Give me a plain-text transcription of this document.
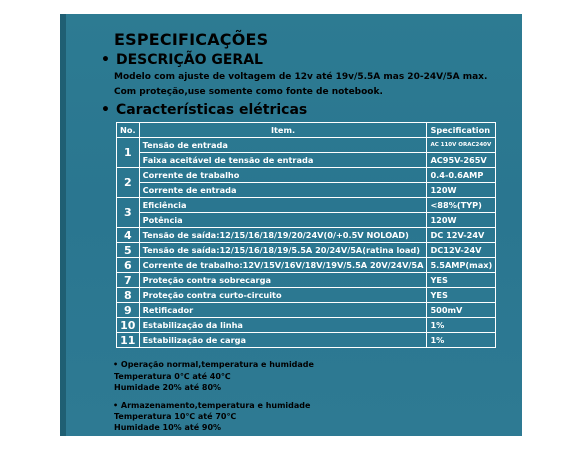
ESPECIFICAÇÕES
• DESCRIÇÃO GERAL
Modelo com ajuste de voltagem de 12v até 19v/5.5A mas 20-24V/5A max.
Com proteção,use somente como fonte de notebook.
• Características elétricas
No.	Item.	Specification
1	Tensão de entrada	AC 110V ORAC240V
	Faixa aceitável de tensão de entrada	AC95V-265V
2	Corrente de trabalho	0.4-0.6AMP
	Corrente de entrada	120W
3	Eficiência	<88%(TYP)
	Potência	120W
4	Tensão de saída:12/15/16/18/19/20/24V(0/+0.5V NOLOAD)	DC 12V-24V
5	Tensão de saída:12/15/16/18/19/5.5A 20/24V/5A(ratina load)	DC12V-24V
6	Corrente de trabalho:12V/15V/16V/18V/19V/5.5A 20V/24V/5A	5.5AMP(max)
7	Proteção contra sobrecarga	YES
8	Proteção contra curto-circuito	YES
9	Retificador	500mV
10	Estabilização da linha	1%
11	Estabilização de carga	1%
• Operação normal,temperatura e humidade
Temperatura 0℃ até 40℃
Humidade 20% até 80%
• Armazenamento,temperatura e humidade
Temperatura 10℃ até 70℃
Humidade 10% até 90%
